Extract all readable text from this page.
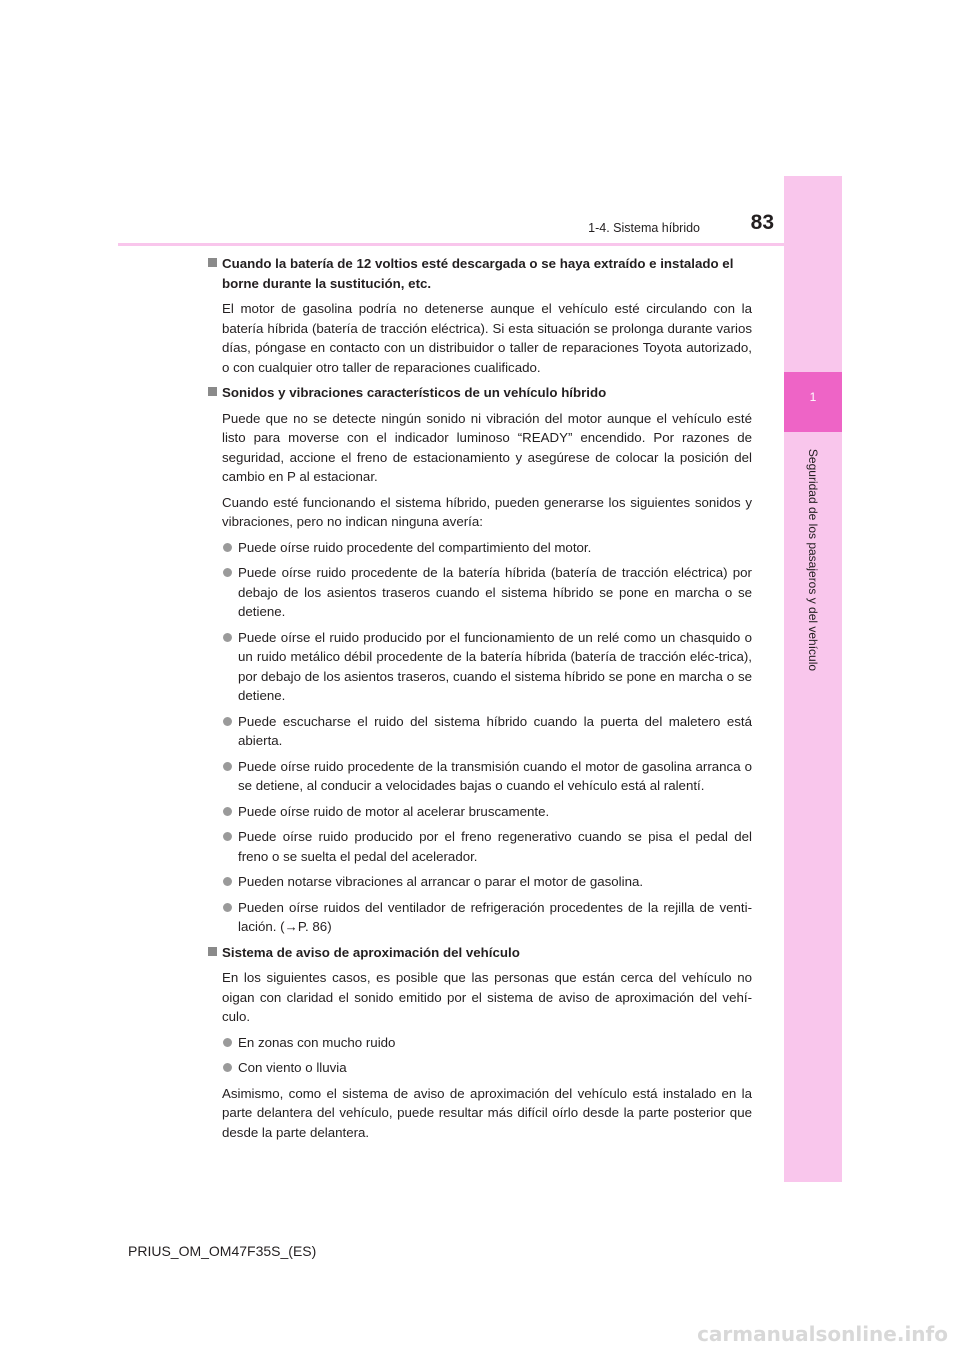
1
Seguridad de los pasajeros y del vehículo
1-4. Sistema híbrido	83
Cuando la batería de 12 voltios esté descargada o se haya extraído e instalado el borne durante la sustitución, etc.

El motor de gasolina podría no detenerse aunque el vehículo esté circulando con la batería híbrida (batería de tracción eléctrica). Si esta situación se prolonga durante varios días, póngase en contacto con un distribuidor o taller de reparaciones Toyota autorizado, o con cualquier otro taller de reparaciones cualificado.

Sonidos y vibraciones característicos de un vehículo híbrido

Puede que no se detecte ningún sonido ni vibración del motor aunque el vehículo esté listo para moverse con el indicador luminoso “READY” encendido. Por razones de seguridad, accione el freno de estacionamiento y asegúrese de colocar la posición del cambio en P al estacionar.

Cuando esté funcionando el sistema híbrido, pueden generarse los siguientes sonidos y vibraciones, pero no indican ninguna avería:

Puede oírse ruido procedente del compartimiento del motor.
Puede oírse ruido procedente de la batería híbrida (batería de tracción eléctrica) por debajo de los asientos traseros cuando el sistema híbrido se pone en marcha o se detiene.
Puede oírse el ruido producido por el funcionamiento de un relé como un chasquido o un ruido metálico débil procedente de la batería híbrida (batería de tracción eléc-trica), por debajo de los asientos traseros, cuando el sistema híbrido se pone en marcha o se detiene.
Puede escucharse el ruido del sistema híbrido cuando la puerta del maletero está abierta.
Puede oírse ruido procedente de la transmisión cuando el motor de gasolina arranca o se detiene, al conducir a velocidades bajas o cuando el vehículo está al ralentí.
Puede oírse ruido de motor al acelerar bruscamente.
Puede oírse ruido producido por el freno regenerativo cuando se pisa el pedal del freno o se suelta el pedal del acelerador.
Pueden notarse vibraciones al arrancar o parar el motor de gasolina.
Pueden oírse ruidos del ventilador de refrigeración procedentes de la rejilla de venti-lación. (→P. 86)
Sistema de aviso de aproximación del vehículo

En los siguientes casos, es posible que las personas que están cerca del vehículo no oigan con claridad el sonido emitido por el sistema de aviso de aproximación del vehí-culo.

En zonas con mucho ruido
Con viento o lluvia

Asimismo, como el sistema de aviso de aproximación del vehículo está instalado en la parte delantera del vehículo, puede resultar más difícil oírlo desde la parte posterior que desde la parte delantera.

PRIUS_OM_OM47F35S_(ES)
carmanualsonline.info
